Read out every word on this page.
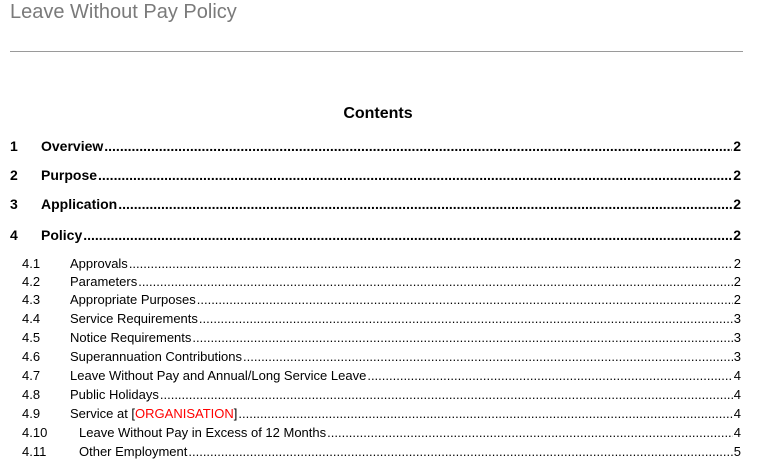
Leave Without Pay Policy
Contents
1	Overview .....	2
2	Purpose .....	2
3	Application .....	2
4	Policy .....	2
4.1	Approvals .....	2
4.2	Parameters .....	2
4.3	Appropriate Purposes .....	2
4.4	Service Requirements .....	3
4.5	Notice Requirements .....	3
4.6	Superannuation Contributions .....	3
4.7	Leave Without Pay and Annual/Long Service Leave .....	4
4.8	Public Holidays .....	4
4.9	Service at [ORGANISATION] .....	4
4.10	Leave Without Pay in Excess of 12 Months .....	4
4.11	Other Employment .....	5
